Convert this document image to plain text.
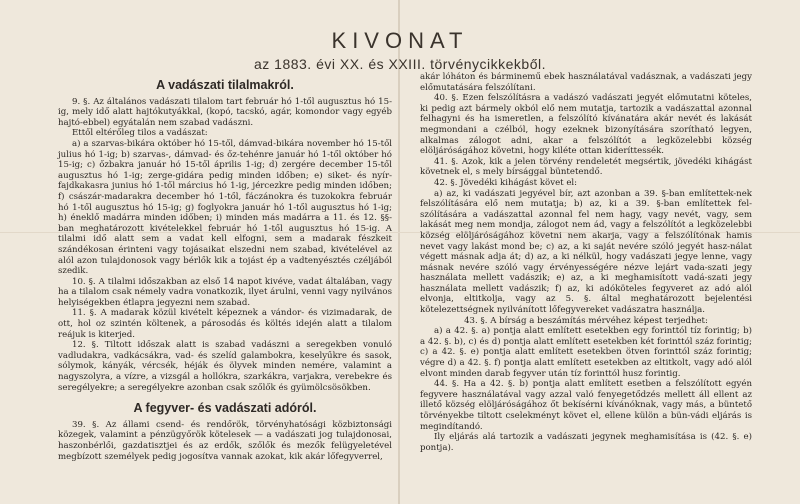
KIVONAT
az 1883. évi XX. és XXIII. törvénycikkekből.
A vadászati tilalmakról.

9. §. Az általános vadászati tilalom tart február hó 1-től augusztus hó 15-ig, mely idő alatt hajtókutyákkal, (kopó, tacskó, agár, komondor vagy egyéb hajtó-ebbel) egyátalán nem szabad vadászni.

Ettől eltérőleg tilos a vadászat:

a) a szarvas-bikára október hó 15-től, dámvad-bikára november hó 15-től julius hó 1-ig; b) szarvas-, dámvad- és őz-tehénre január hó 1-től október hó 15-ig; c) őzbakra január hó 15-től április 1-ig; d) zergére december 15-től augusztus hó 1-ig; zerge-gidára pedig minden időben; e) siket- és nyír-fajdkakasra junius hó 1-től március hó 1-ig, jércezkre pedig minden időben; f) császár-madarakra december hó 1-től, fáczánokra és tuzokokra február hó 1-től augusztus hó 15-ig; g) foglyokra január hó 1-től augusztus hó 1-ig; h) éneklő madárra minden időben; i) minden más madárra a 11. és 12. §§-ban meghatározott kivételekkel február hó 1-től augusztus hó 15-ig. A tilalmi idő alatt sem a vadat kell elfogni, sem a madarak fészkeit szándékosan érinteni vagy tojásaikat elszedni nem szabad, kivételével az alól azon tulajdonosok vagy bérlők kik a tojást ép a vadtenyésztés czéljából szedik.

10. §. A tilalmi időszakban az első 14 napot kivéve, vadat általában, vagy ha a tilalom csak némely vadra vonatkozik, ilyet árulni, venni vagy nyilvános helyiségekben étlapra jegyezni nem szabad.

11. §. A madarak közül kivételt képeznek a vándor- és vizimadarak, de ott, hol oz szintén költenek, a párosodás és költés idején alatt a tilalom reájuk is kiterjed.

12. §. Tiltott időszak alatt is szabad vadászni a seregekben vonuló vadludakra, vadkácsákra, vad- és szelíd galambokra, keselyűkre és sasok, sólymok, kányák, vércsék, héják és ölyvek minden nemére, valamint a nagyszolyra, a vízre, a vizsgál a hollókra, szarkákra, varjakra, verebekre és seregélyekre; a seregélyekre azonban csak szőlők és gyümölcsösökben.

A fegyver- és vadászati adóról.

39. §. Az állami csend- és rendőrök, törvényhatósági közbiztonsági közegek, valamint a pénzügyőrök kötelesek — a vadászati jog tulajdonosai, haszonbérlői, gazdatisztjei és az erdők, szőlők és mezők felügyeletével megbízott személyek pedig jogosítva vannak azokat, kik akár lőfegyverrel,

akár lóháton és bárminemű ebek használatával vadásznak, a vadászati jegy előmutatására felszólítani.

40. §. Ezen felszólításra a vadászó vadászati jegyét előmutatni köteles, ki pedig azt bármely okból elő nem mutatja, tartozik a vadászattal azonnal felhagyni és ha ismeretlen, a felszólító kívánatára akár nevét és lakását megmondani a czélból, hogy ezeknek bizonyítására szorítható legyen, alkalmas zálogot adni, akar a felszólítót a legközelebbi község elöljáróságához követni, hogy kiléte ottan kideríttessék.

41. §. Azok, kik a jelen törvény rendeletét megsértik, jövedéki kihágást követnek el, s mely bírsággal büntetendő.

42. §. Jövedéki kihágást követ el:

a) az, ki vadászati jegyével bír, azt azonban a 39. §-ban említettek-nek felszólítására elő nem mutatja; b) az, ki a 39. §-ban említettek fel-szólítására a vadászattal azonnal fel nem hagy, vagy nevét, vagy, sem lakását meg nem mondja, zálogot nem ád, vagy a felszólítót a legközelebbi község elöljáróságához követni nem akarja, vagy a felszólítónak hamis nevet vagy lakást mond be; c) az, a ki saját nevére szóló jegyét hasz-nálat végett másnak adja át; d) az, a ki nélkül, hogy vadászati jegye lenne, vagy másnak nevére szóló vagy érvényességére nézve lejárt vada-szati jegy használata mellett vadászik; e) az, a ki meghamisított vadá-szati jegy használata mellett vadászik; f) az, ki adóköteles fegyveret az adó alól elvonja, eltitkolja, vagy az 5. §. által meghatározott bejelentési kötelezettségnek nyilvánított lőfegyvereket vadászatra használja.

43. §. A bírság a beszámítás mérvéhez képest terjedhet:

a) a 42. §. a) pontja alatt említett esetekben egy forinttól tíz forintig; b) a 42. §. b), c) és d) pontja alatt említett esetekben két forinttól száz forintig; c) a 42. §. e) pontja alatt említett esetekben ötven forinttól száz forintig; végre d) a 42. §. f) pontja alatt említett esetekben az eltitkolt, vagy adó alól elvont minden darab fegyver után tíz forinttól husz forintig.

44. §. Ha a 42. §. b) pontja alatt említett esetben a felszólított egyén fegyvere használatával vagy azzal való fenyegetődzés mellett áll ellent az illető község elöljáróságához őt bekísérni kívánóknak, vagy más, a büntető törvényekbe tiltott cselekményt követ el, ellene külön a bün-vádi eljárás is megindítandó.

Ily eljárás alá tartozik a vadászati jegynek meghamisítása is (42. §. e) pontja).
